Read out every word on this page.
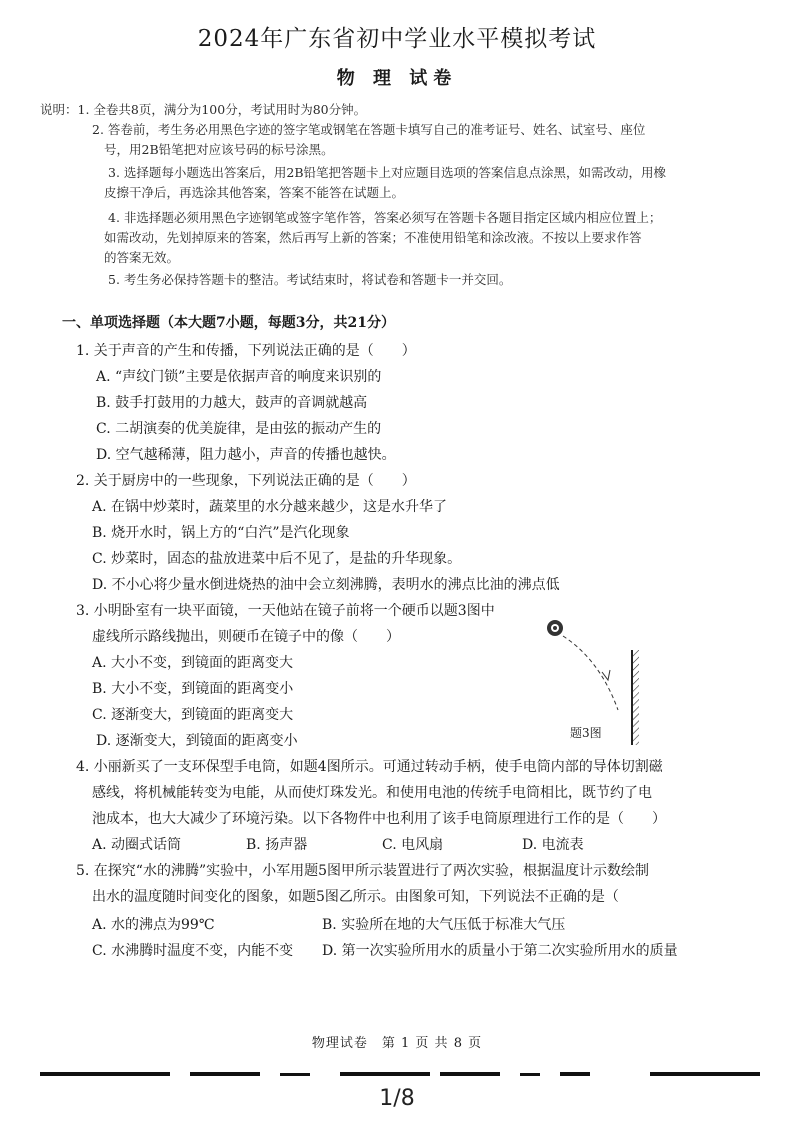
2024年广东省初中学业水平模拟考试
物 理 试卷
说明：1. 全卷共8页，满分为100分，考试用时为80分钟。
2. 答卷前，考生务必用黑色字迹的签字笔或钢笔在答题卡填写自己的准考证号、姓名、试室号、座位
号，用2B铅笔把对应该号码的标号涂黑。
3. 选择题每小题选出答案后，用2B铅笔把答题卡上对应题目选项的答案信息点涂黑，如需改动，用橡
皮擦干净后，再选涂其他答案，答案不能答在试题上。
4. 非选择题必须用黑色字迹钢笔或签字笔作答，答案必须写在答题卡各题目指定区域内相应位置上；
如需改动，先划掉原来的答案，然后再写上新的答案；不准使用铅笔和涂改液。不按以上要求作答
的答案无效。
5. 考生务必保持答题卡的整洁。考试结束时，将试卷和答题卡一并交回。
一、单项选择题（本大题7小题，每题3分，共21分）
1. 关于声音的产生和传播，下列说法正确的是（　　）
A. “声纹门锁”主要是依据声音的响度来识别的
B. 鼓手打鼓用的力越大，鼓声的音调就越高
C. 二胡演奏的优美旋律，是由弦的振动产生的
D. 空气越稀薄，阻力越小，声音的传播也越快。
2. 关于厨房中的一些现象，下列说法正确的是（　　）
A. 在锅中炒菜时，蔬菜里的水分越来越少，这是水升华了
B. 烧开水时，锅上方的“白汽”是汽化现象
C. 炒菜时，固态的盐放进菜中后不见了，是盐的升华现象。
D. 不小心将少量水倒进烧热的油中会立刻沸腾，表明水的沸点比油的沸点低
3. 小明卧室有一块平面镜，一天他站在镜子前将一个硬币以题3图中
虚线所示路线抛出，则硬币在镜子中的像（　　）
A. 大小不变，到镜面的距离变大
B. 大小不变，到镜面的距离变小
C. 逐渐变大，到镜面的距离变大
D. 逐渐变大，到镜面的距离变小	题3图
4. 小丽新买了一支环保型手电筒，如题4图所示。可通过转动手柄，使手电筒内部的导体切割磁
感线，将机械能转变为电能，从而使灯珠发光。和使用电池的传统手电筒相比，既节约了电
池成本，也大大减少了环境污染。以下各物件中也利用了该手电筒原理进行工作的是（　　）
A. 动圈式话筒	B. 扬声器	C. 电风扇	D. 电流表
5. 在探究“水的沸腾”实验中，小军用题5图甲所示装置进行了两次实验，根据温度计示数绘制
出水的温度随时间变化的图象，如题5图乙所示。由图象可知，下列说法不正确的是（
A. 水的沸点为99℃	B. 实验所在地的大气压低于标准大气压
C. 水沸腾时温度不变，内能不变 D. 第一次实验所用水的质量小于第二次实验所用水的质量
物理试卷　第 1 页 共 8 页
1/8
